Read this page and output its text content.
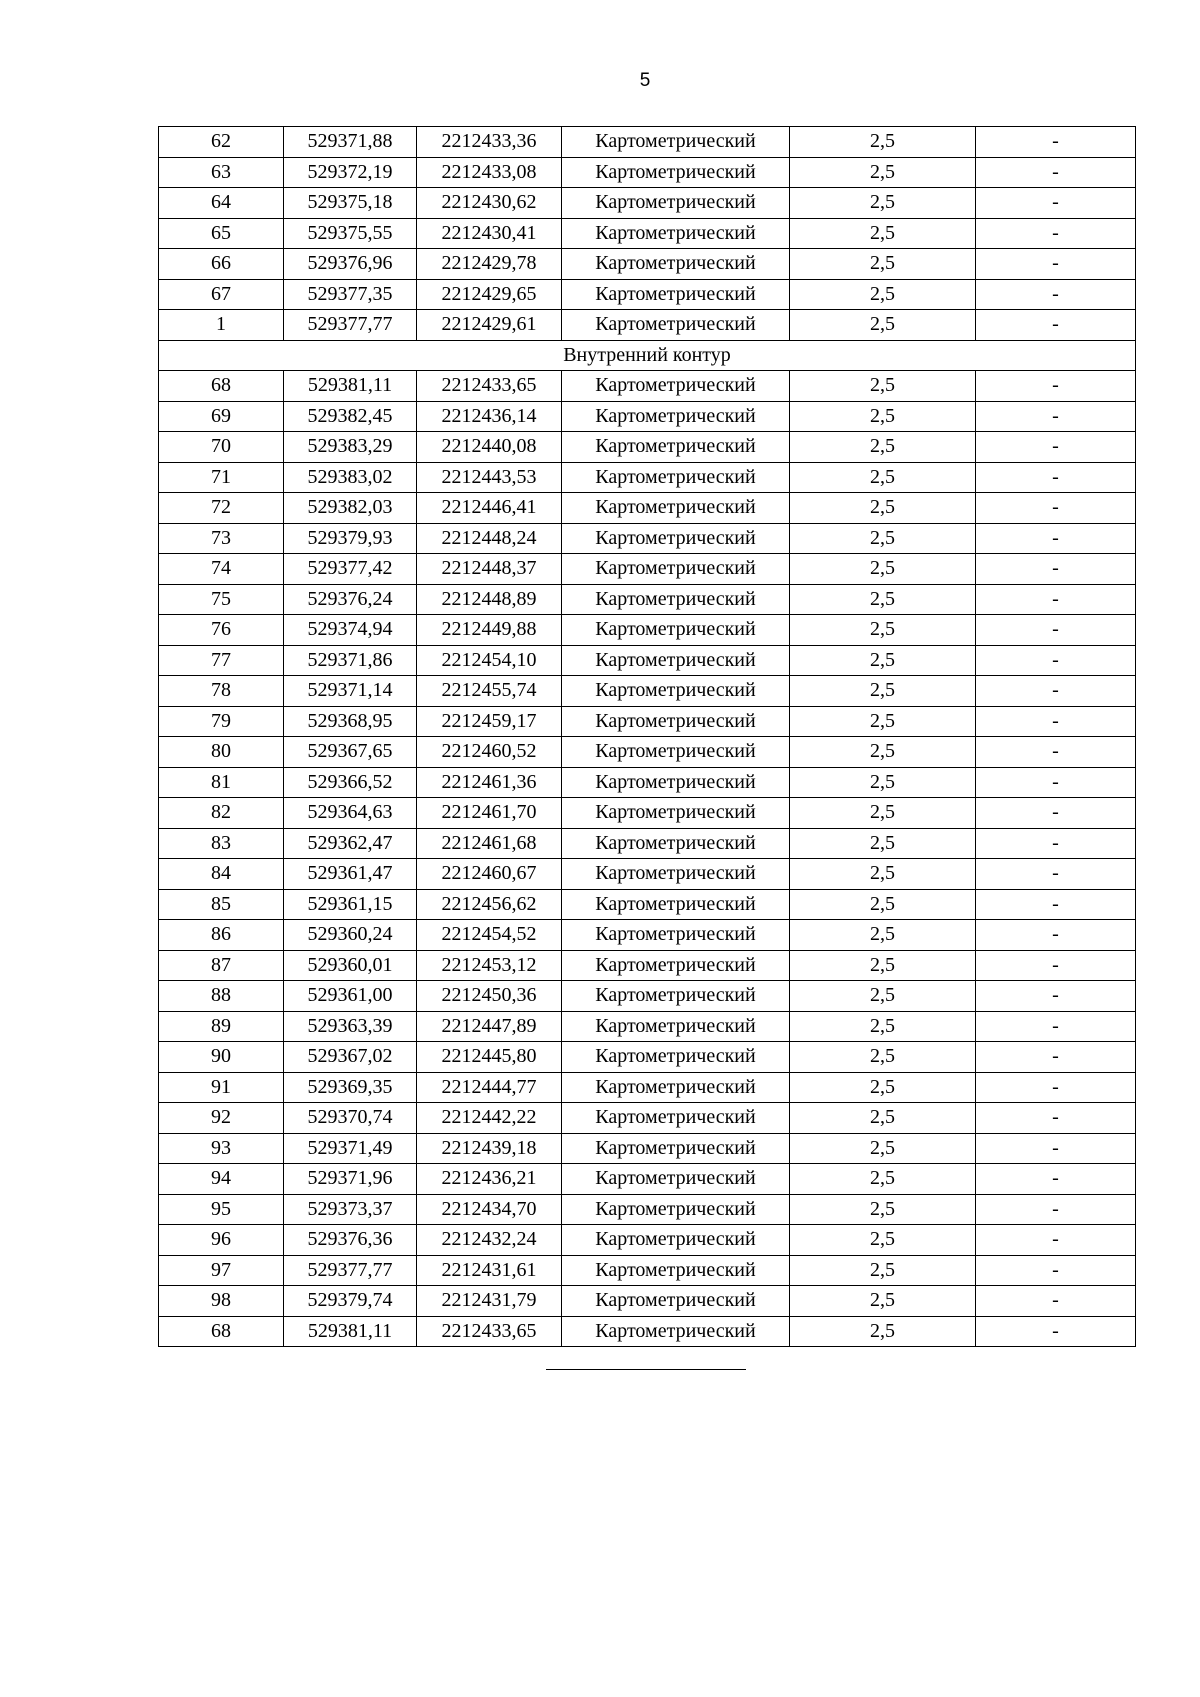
5
62	529371,88	2212433,36	Картометрический	2,5	-
63	529372,19	2212433,08	Картометрический	2,5	-
64	529375,18	2212430,62	Картометрический	2,5	-
65	529375,55	2212430,41	Картометрический	2,5	-
66	529376,96	2212429,78	Картометрический	2,5	-
67	529377,35	2212429,65	Картометрический	2,5	-
1	529377,77	2212429,61	Картометрический	2,5	-
Внутренний контур					
68	529381,11	2212433,65	Картометрический	2,5	-
69	529382,45	2212436,14	Картометрический	2,5	-
70	529383,29	2212440,08	Картометрический	2,5	-
71	529383,02	2212443,53	Картометрический	2,5	-
72	529382,03	2212446,41	Картометрический	2,5	-
73	529379,93	2212448,24	Картометрический	2,5	-
74	529377,42	2212448,37	Картометрический	2,5	-
75	529376,24	2212448,89	Картометрический	2,5	-
76	529374,94	2212449,88	Картометрический	2,5	-
77	529371,86	2212454,10	Картометрический	2,5	-
78	529371,14	2212455,74	Картометрический	2,5	-
79	529368,95	2212459,17	Картометрический	2,5	-
80	529367,65	2212460,52	Картометрический	2,5	-
81	529366,52	2212461,36	Картометрический	2,5	-
82	529364,63	2212461,70	Картометрический	2,5	-
83	529362,47	2212461,68	Картометрический	2,5	-
84	529361,47	2212460,67	Картометрический	2,5	-
85	529361,15	2212456,62	Картометрический	2,5	-
86	529360,24	2212454,52	Картометрический	2,5	-
87	529360,01	2212453,12	Картометрический	2,5	-
88	529361,00	2212450,36	Картометрический	2,5	-
89	529363,39	2212447,89	Картометрический	2,5	-
90	529367,02	2212445,80	Картометрический	2,5	-
91	529369,35	2212444,77	Картометрический	2,5	-
92	529370,74	2212442,22	Картометрический	2,5	-
93	529371,49	2212439,18	Картометрический	2,5	-
94	529371,96	2212436,21	Картометрический	2,5	-
95	529373,37	2212434,70	Картометрический	2,5	-
96	529376,36	2212432,24	Картометрический	2,5	-
97	529377,77	2212431,61	Картометрический	2,5	-
98	529379,74	2212431,79	Картометрический	2,5	-
68	529381,11	2212433,65	Картометрический	2,5	-
